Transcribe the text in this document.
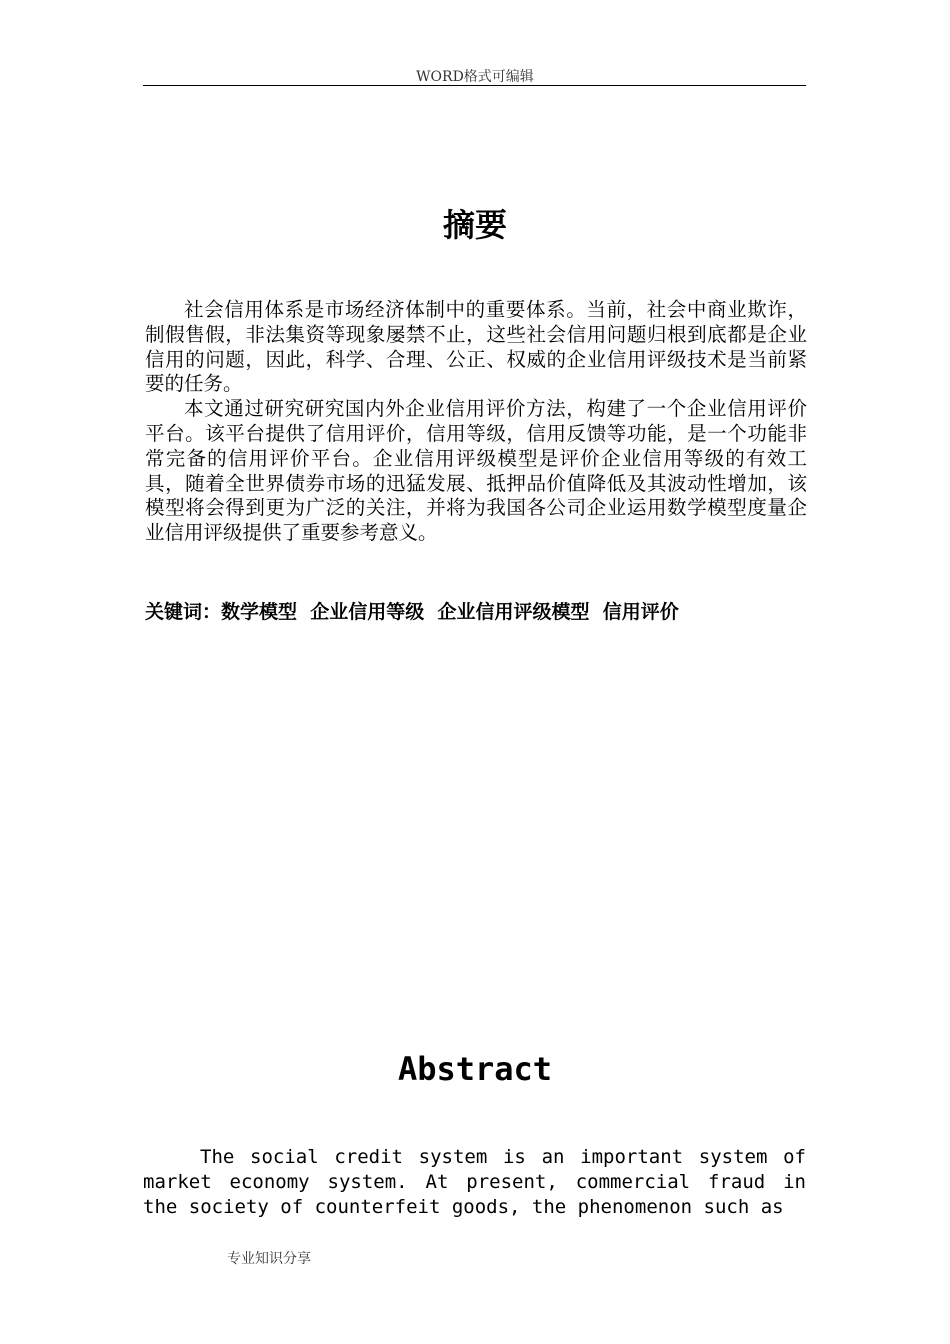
WORD格式可编辑
摘要

社会信用体系是市场经济体制中的重要体系。当前，社会中商业欺诈，制假售假，非法集资等现象屡禁不止，这些社会信用问题归根到底都是企业信用的问题，因此，科学、合理、公正、权威的企业信用评级技术是当前紧要的任务。

本文通过研究研究国内外企业信用评价方法，构建了一个企业信用评价平台。该平台提供了信用评价，信用等级，信用反馈等功能，是一个功能非常完备的信用评价平台。企业信用评级模型是评价企业信用等级的有效工具，随着全世界债券市场的迅猛发展、抵押品价值降低及其波动性增加，该模型将会得到更为广泛的关注，并将为我国各公司企业运用数学模型度量企业信用评级提供了重要参考意义。

关键词：数学模型  企业信用等级  企业信用评级模型  信用评价
Abstract

The social credit system is an important system of market economy system. At present, commercial fraud in the society of counterfeit goods, the phenomenon such as

专业知识分享
